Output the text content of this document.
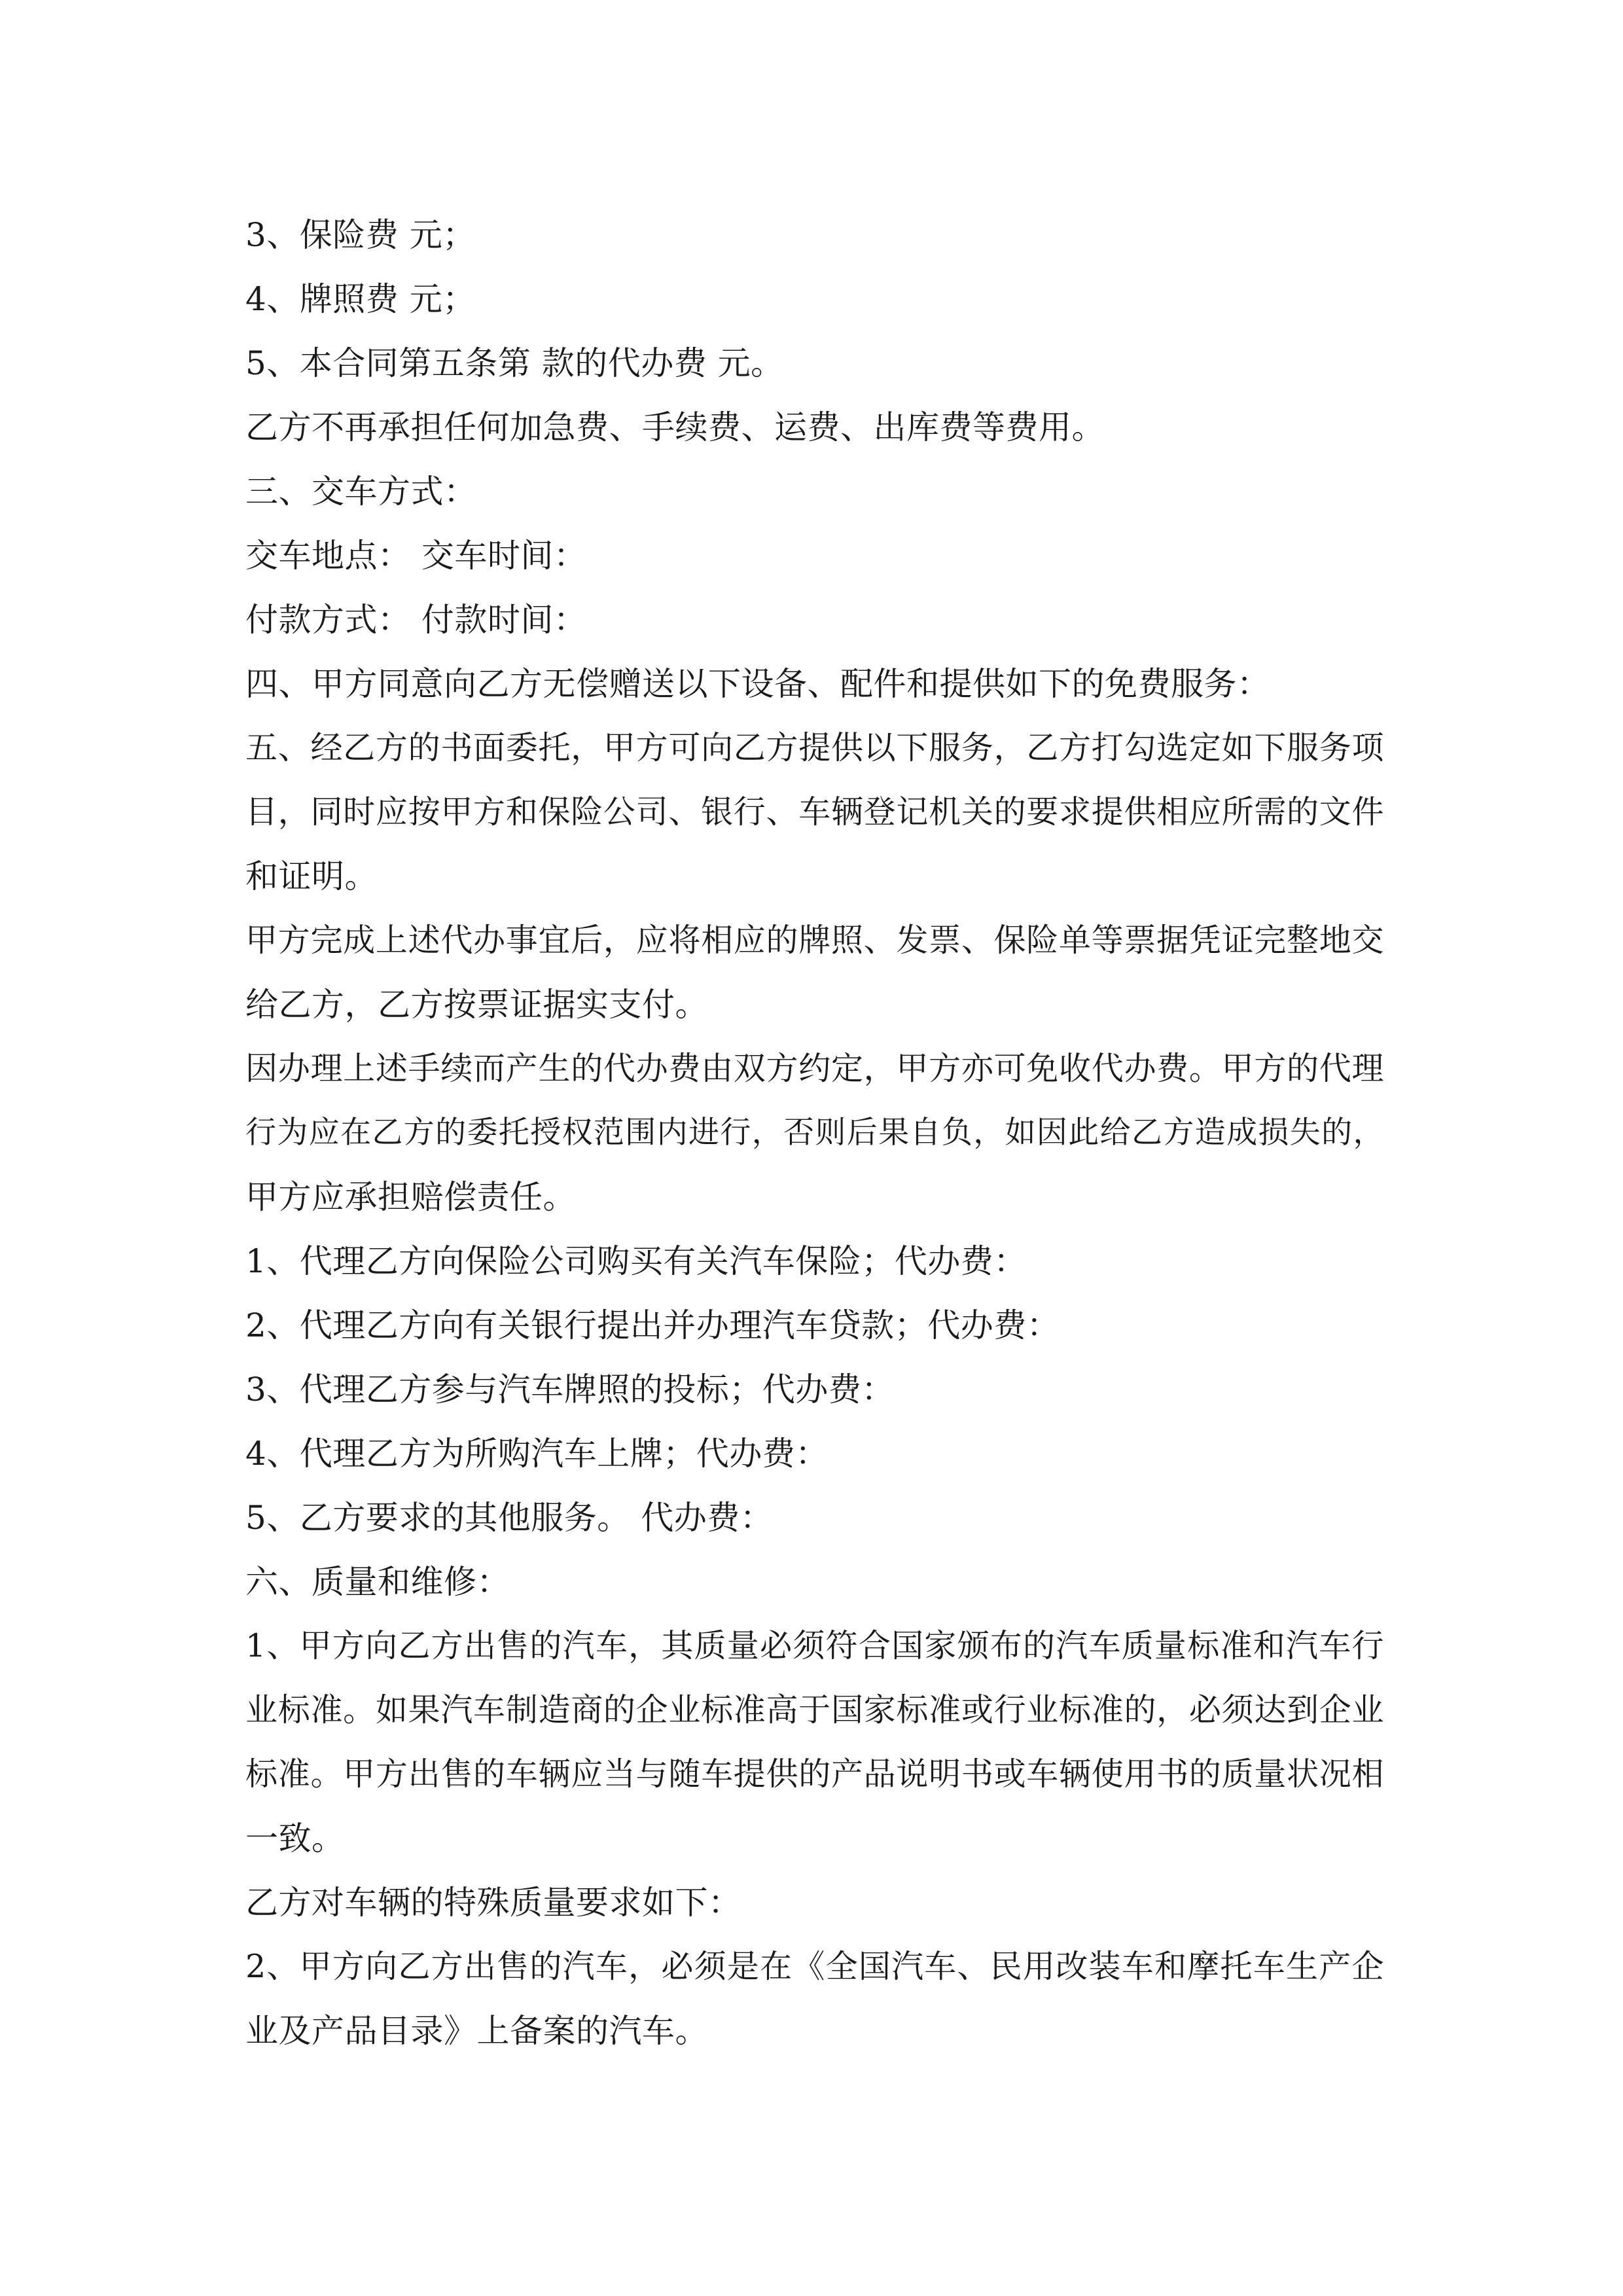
3、保险费 元；
4、牌照费 元；
5、本合同第五条第 款的代办费 元。
乙方不再承担任何加急费、手续费、运费、出库费等费用。
三、交车方式：
交车地点： 交车时间：
付款方式： 付款时间：
四、甲方同意向乙方无偿赠送以下设备、配件和提供如下的免费服务：
五、经乙方的书面委托，甲方可向乙方提供以下服务，乙方打勾选定如下服务项
目，同时应按甲方和保险公司、银行、车辆登记机关的要求提供相应所需的文件
和证明。
甲方完成上述代办事宜后，应将相应的牌照、发票、保险单等票据凭证完整地交
给乙方，乙方按票证据实支付。
因办理上述手续而产生的代办费由双方约定，甲方亦可免收代办费。甲方的代理
行为应在乙方的委托授权范围内进行，否则后果自负，如因此给乙方造成损失的，
甲方应承担赔偿责任。
1、代理乙方向保险公司购买有关汽车保险；代办费：
2、代理乙方向有关银行提出并办理汽车贷款；代办费：
3、代理乙方参与汽车牌照的投标；代办费：
4、代理乙方为所购汽车上牌；代办费：
5、乙方要求的其他服务。 代办费：
六、质量和维修：
1、甲方向乙方出售的汽车，其质量必须符合国家颁布的汽车质量标准和汽车行
业标准。如果汽车制造商的企业标准高于国家标准或行业标准的，必须达到企业
标准。甲方出售的车辆应当与随车提供的产品说明书或车辆使用书的质量状况相
一致。
乙方对车辆的特殊质量要求如下：
2、甲方向乙方出售的汽车，必须是在《全国汽车、民用改装车和摩托车生产企
业及产品目录》上备案的汽车。
